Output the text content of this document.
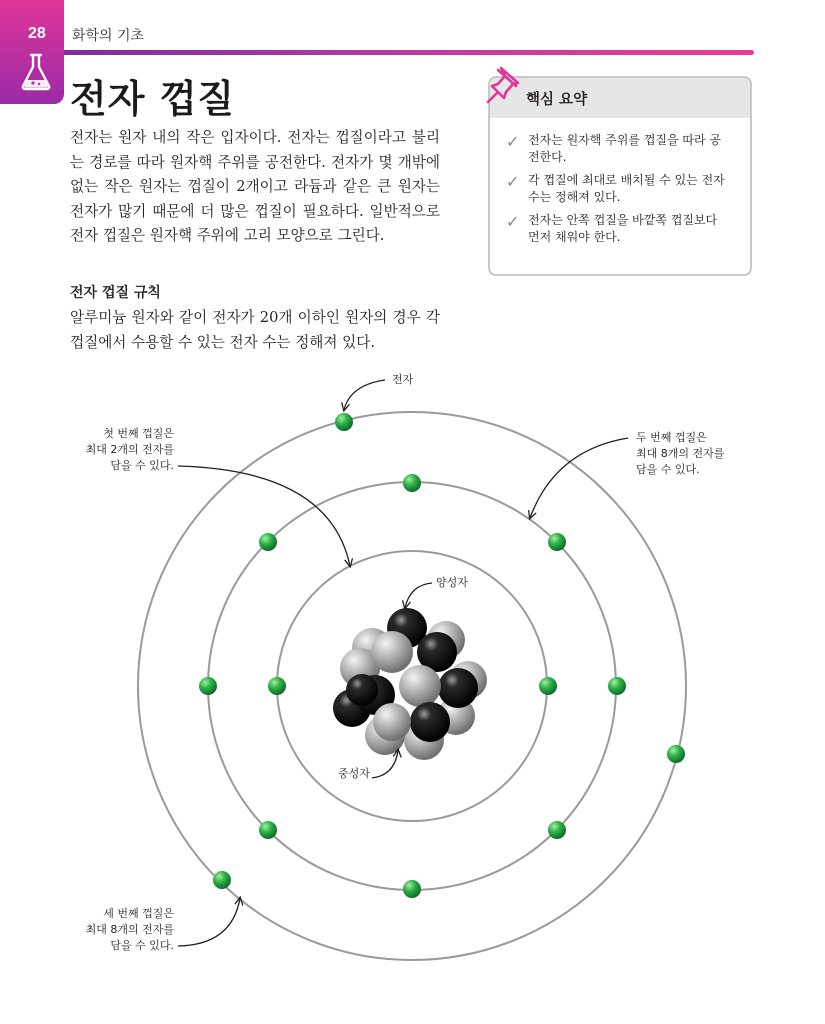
28 화학의 기초
전자 껍질

전자는 원자 내의 작은 입자이다. 전자는 껍질이라고 불리는 경로를 따라 원자핵 주위를 공전한다. 전자가 몇 개밖에 없는 작은 원자는 껍질이 2개이고 라듐과 같은 큰 원자는 전자가 많기 때문에 더 많은 껍질이 필요하다. 일반적으로 전자 껍질은 원자핵 주위에 고리 모양으로 그린다.

핵심 요약
✓ 전자는 원자핵 주위를 껍질을 따라 공전한다.
✓ 각 껍질에 최대로 배치될 수 있는 전자 수는 정해져 있다.
✓ 전자는 안쪽 껍질을 바깥쪽 껍질보다 먼저 채워야 한다.
전자 껍질 규칙

알루미늄 원자와 같이 전자가 20개 이하인 원자의 경우 각 껍질에서 수용할 수 있는 전자 수는 정해져 있다.

전자
양성자
중성자
첫 번째 껍질은
최대 2개의 전자를
담을 수 있다.
두 번째 껍질은
최대 8개의 전자를
담을 수 있다.
세 번째 껍질은
최대 8개의 전자를
담을 수 있다.
